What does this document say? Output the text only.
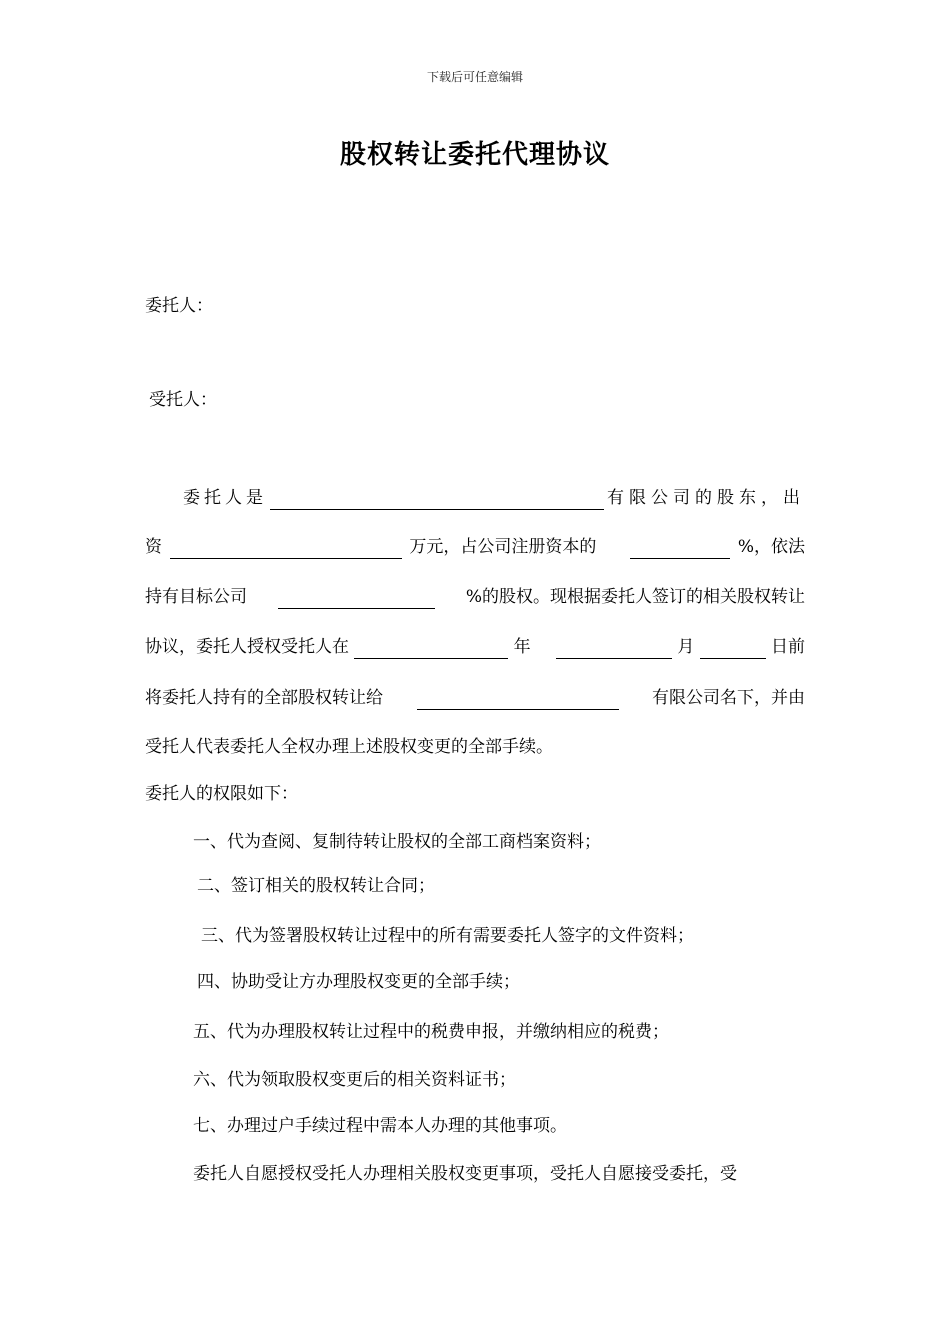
下载后可任意编辑
股权转让委托代理协议
委托人：
受托人：
委托人是	有限公司的股东，出
资	万元，占公司注册资本的	%，依法
持有目标公司	%的股权。现根据委托人签订的相关股权转让
协议，委托人授权受托人在	年	月	日前
将委托人持有的全部股权转让给	有限公司名下，并由
受托人代表委托人全权办理上述股权变更的全部手续。
委托人的权限如下：
一、代为查阅、复制待转让股权的全部工商档案资料；
二、签订相关的股权转让合同；
三、代为签署股权转让过程中的所有需要委托人签字的文件资料；
四、协助受让方办理股权变更的全部手续；
五、代为办理股权转让过程中的税费申报，并缴纳相应的税费；
六、代为领取股权变更后的相关资料证书；
七、办理过户手续过程中需本人办理的其他事项。
委托人自愿授权受托人办理相关股权变更事项，受托人自愿接受委托，受
